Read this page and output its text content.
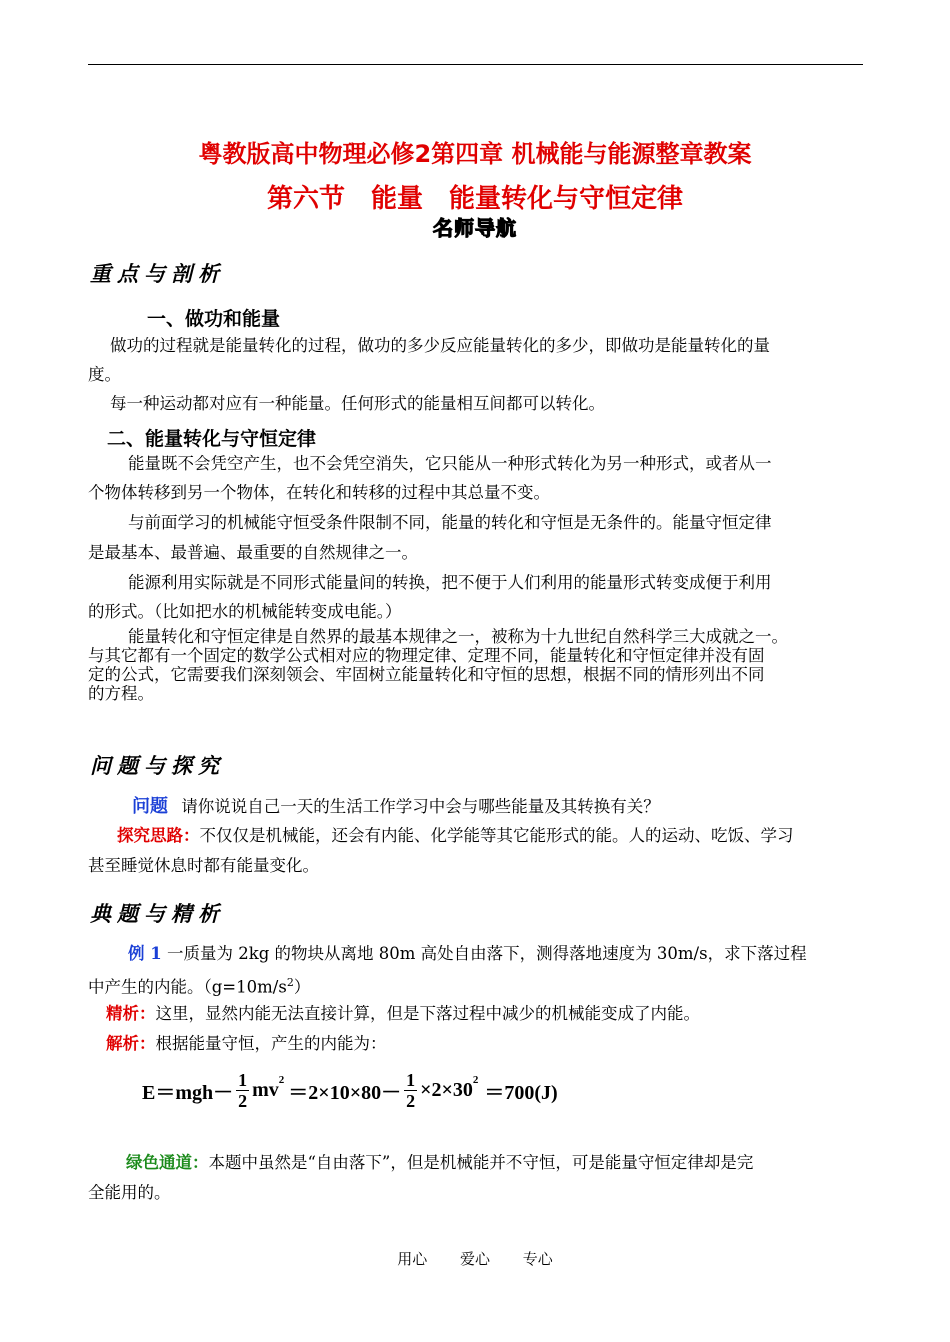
粤教版高中物理必修2第四章 机械能与能源整章教案
第六节　能量　能量转化与守恒定律
名师导航
重点与剖析
一、做功和能量
做功的过程就是能量转化的过程，做功的多少反应能量转化的多少，即做功是能量转化的量
度。
每一种运动都对应有一种能量。任何形式的能量相互间都可以转化。
二、能量转化与守恒定律
能量既不会凭空产生，也不会凭空消失，它只能从一种形式转化为另一种形式，或者从一
个物体转移到另一个物体，在转化和转移的过程中其总量不变。
与前面学习的机械能守恒受条件限制不同，能量的转化和守恒是无条件的。能量守恒定律
是最基本、最普遍、最重要的自然规律之一。
能源利用实际就是不同形式能量间的转换，把不便于人们利用的能量形式转变成便于利用
的形式。（比如把水的机械能转变成电能。）
能量转化和守恒定律是自然界的最基本规律之一，被称为十九世纪自然科学三大成就之一。
与其它都有一个固定的数学公式相对应的物理定律、定理不同，能量转化和守恒定律并没有固
定的公式，它需要我们深刻领会、牢固树立能量转化和守恒的思想，根据不同的情形列出不同
的方程。
问题与探究
问题 请你说说自己一天的生活工作学习中会与哪些能量及其转换有关？
探究思路：不仅仅是机械能，还会有内能、化学能等其它能形式的能。人的运动、吃饭、学习
甚至睡觉休息时都有能量变化。
典题与精析
例 1 一质量为 2kg 的物块从离地 80m 高处自由落下，测得落地速度为 30m/s，求下落过程
中产生的内能。$(g=10m/s^2)$
精析：这里，显然内能无法直接计算，但是下落过程中减少的机械能变成了内能。
解析：根据能量守恒，产生的内能为：
$E=mgh- \frac{1}{2} mv^2$
$=2\times 10\times 80- \frac{1}{2} \times 2\times 30^2$
＝700(J)
绿色通道：本题中虽然是“自由落下”，但是机械能并不守恒，可是能量守恒定律却是完
全能用的。
用心 爱心 专心
